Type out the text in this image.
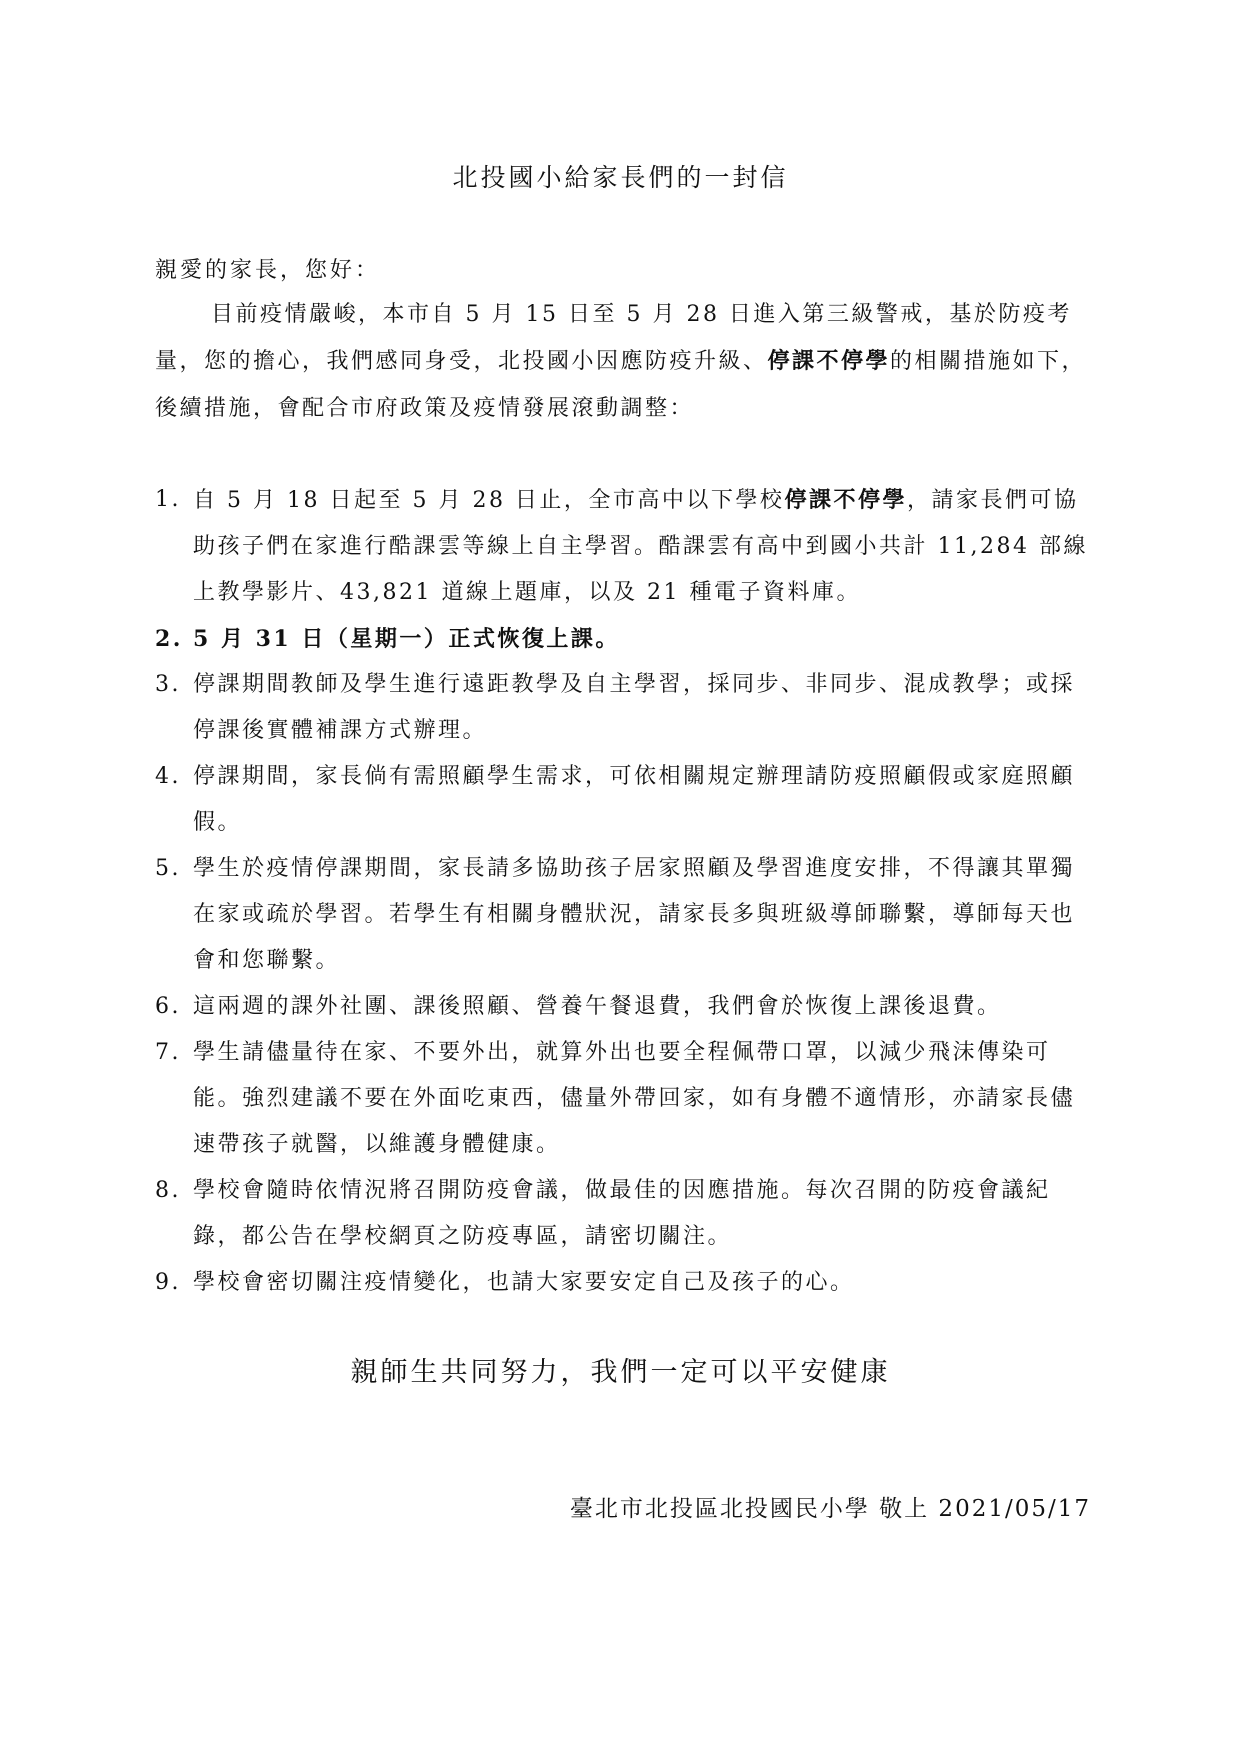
北投國小給家長們的一封信
親愛的家長，您好：
目前疫情嚴峻，本市自 5 月 15 日至 5 月 28 日進入第三級警戒，基於防疫考量，您的擔心，我們感同身受，北投國小因應防疫升級、停課不停學的相關措施如下，後續措施，會配合市府政策及疫情發展滾動調整：
1. 自 5 月 18 日起至 5 月 28 日止，全市高中以下學校停課不停學，請家長們可協助孩子們在家進行酷課雲等線上自主學習。酷課雲有高中到國小共計 11,284 部線上教學影片、43,821 道線上題庫，以及 21 種電子資料庫。
2. 5 月 31 日（星期一）正式恢復上課。
3. 停課期間教師及學生進行遠距教學及自主學習，採同步、非同步、混成教學；或採停課後實體補課方式辦理。
4. 停課期間，家長倘有需照顧學生需求，可依相關規定辦理請防疫照顧假或家庭照顧假。
5. 學生於疫情停課期間，家長請多協助孩子居家照顧及學習進度安排，不得讓其單獨在家或疏於學習。若學生有相關身體狀況，請家長多與班級導師聯繫，導師每天也會和您聯繫。
6. 這兩週的課外社團、課後照顧、營養午餐退費，我們會於恢復上課後退費。
7. 學生請儘量待在家、不要外出，就算外出也要全程佩帶口罩，以減少飛沫傳染可能。強烈建議不要在外面吃東西，儘量外帶回家，如有身體不適情形，亦請家長儘速帶孩子就醫，以維護身體健康。
8. 學校會隨時依情況將召開防疫會議，做最佳的因應措施。每次召開的防疫會議紀錄，都公告在學校網頁之防疫專區，請密切關注。
9. 學校會密切關注疫情變化，也請大家要安定自己及孩子的心。
親師生共同努力，我們一定可以平安健康
臺北市北投區北投國民小學 敬上 2021/05/17
